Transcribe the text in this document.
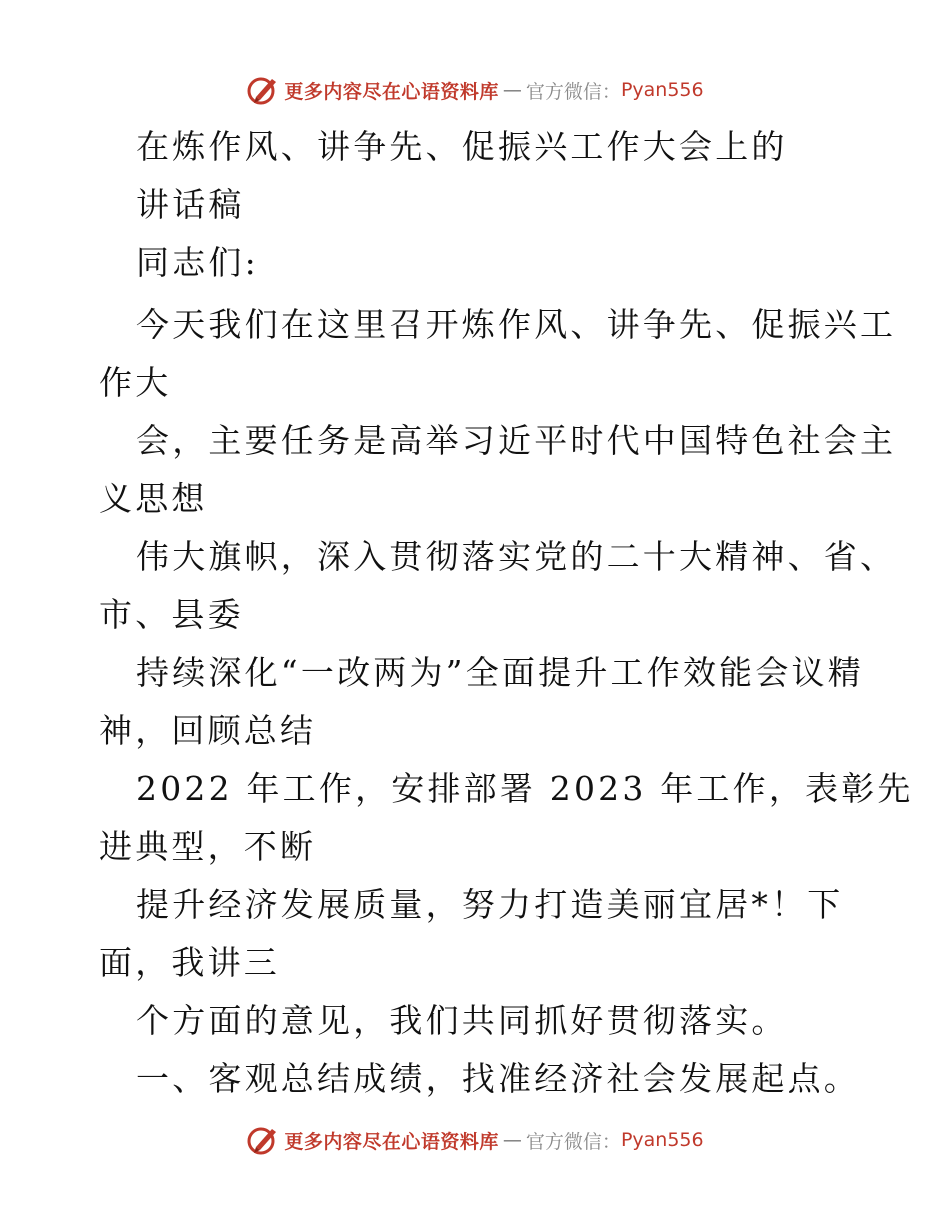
更多内容尽在心语资料库 — 官方微信： Pyan556
在炼作风、讲争先、促振兴工作大会上的
讲话稿
同志们:
今天我们在这里召开炼作风、讲争先、促振兴工
作大
会，主要任务是高举习近平时代中国特色社会主
义思想
伟大旗帜，深入贯彻落实党的二十大精神、省、
市、县委
持续深化“一改两为”全面提升工作效能会议精
神，回顾总结
2022 年工作，安排部署 2023 年工作，表彰先
进典型，不断
提升经济发展质量，努力打造美丽宜居*！下
面，我讲三
个方面的意见，我们共同抓好贯彻落实。
一、客观总结成绩，找准经济社会发展起点。
更多内容尽在心语资料库 — 官方微信： Pyan556
